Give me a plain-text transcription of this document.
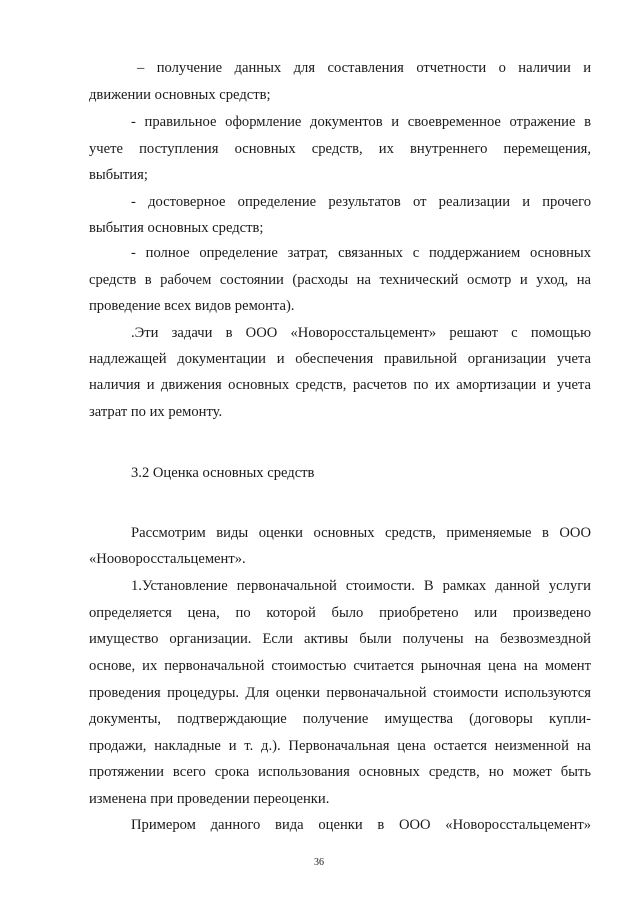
– получение данных для составления отчетности о наличии и
движении основных средств;
- правильное оформление документов и своевременное отражение в
учете поступления основных средств, их внутреннего перемещения,
выбытия;
- достоверное определение результатов от реализации и прочего
выбытия основных средств;
- полное определение затрат, связанных с поддержанием основных
средств в рабочем состоянии (расходы на технический осмотр и уход, на
проведение всех видов ремонта).
.Эти задачи в ООО «Новоросстальцемент» решают с помощью
надлежащей документации и обеспечения правильной организации учета
наличия и движения основных средств, расчетов по их амортизации и учета
затрат по их ремонту.
3.2 Оценка основных средств
Рассмотрим виды оценки основных средств, применяемые в ООО
«Нооворосстальцемент».
1.Установление первоначальной стоимости. В рамках данной услуги
определяется цена, по которой было приобретено или произведено
имущество организации. Если активы были получены на безвозмездной
основе, их первоначальной стоимостью считается рыночная цена на момент
проведения процедуры. Для оценки первоначальной стоимости используются
документы, подтверждающие получение имущества (договоры купли-
продажи, накладные и т. д.). Первоначальная цена остается неизменной на
протяжении всего срока использования основных средств, но может быть
изменена при проведении переоценки.
Примером данного вида оценки в ООО «Новоросстальцемент»
36
